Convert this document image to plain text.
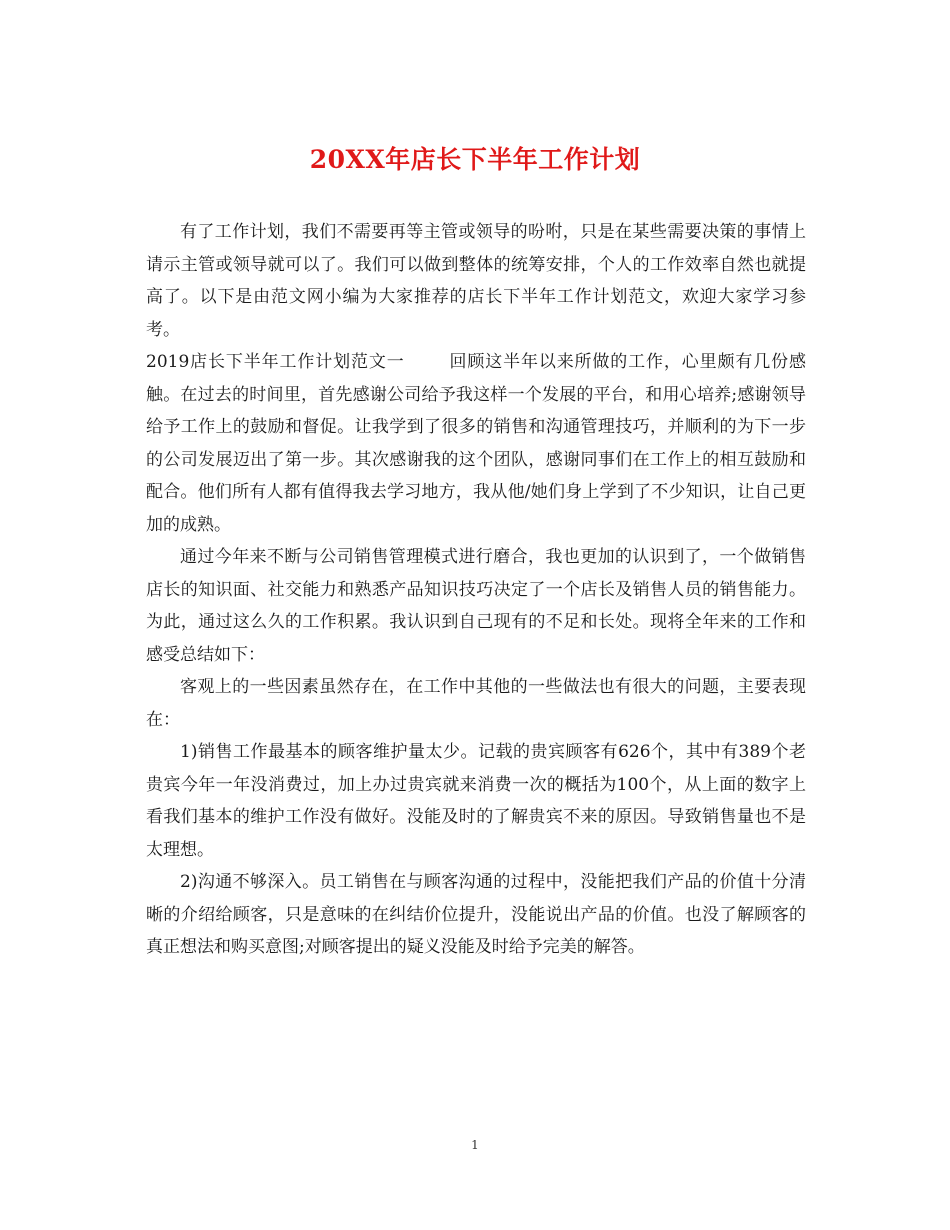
20XX年店长下半年工作计划

有了工作计划，我们不需要再等主管或领导的吩咐，只是在某些需要决策的事情上请示主管或领导就可以了。我们可以做到整体的统筹安排，个人的工作效率自然也就提高了。以下是由范文网小编为大家推荐的店长下半年工作计划范文，欢迎大家学习参考。

2019店长下半年工作计划范文一	回顾这半年以来所做的工作，心里颇有几份感触。在过去的时间里，首先感谢公司给予我这样一个发展的平台，和用心培养;感谢领导给予工作上的鼓励和督促。让我学到了很多的销售和沟通管理技巧，并顺利的为下一步的公司发展迈出了第一步。其次感谢我的这个团队，感谢同事们在工作上的相互鼓励和配合。他们所有人都有值得我去学习地方，我从他/她们身上学到了不少知识，让自己更加的成熟。

通过今年来不断与公司销售管理模式进行磨合，我也更加的认识到了，一个做销售店长的知识面、社交能力和熟悉产品知识技巧决定了一个店长及销售人员的销售能力。为此，通过这么久的工作积累。我认识到自己现有的不足和长处。现将全年来的工作和感受总结如下：

客观上的一些因素虽然存在，在工作中其他的一些做法也有很大的问题，主要表现在：

1)销售工作最基本的顾客维护量太少。记载的贵宾顾客有626个，其中有389个老贵宾今年一年没消费过，加上办过贵宾就来消费一次的概括为100个，从上面的数字上看我们基本的维护工作没有做好。没能及时的了解贵宾不来的原因。导致销售量也不是太理想。

2)沟通不够深入。员工销售在与顾客沟通的过程中，没能把我们产品的价值十分清晰的介绍给顾客，只是意味的在纠结价位提升，没能说出产品的价值。也没了解顾客的真正想法和购买意图;对顾客提出的疑义没能及时给予完美的解答。

1
